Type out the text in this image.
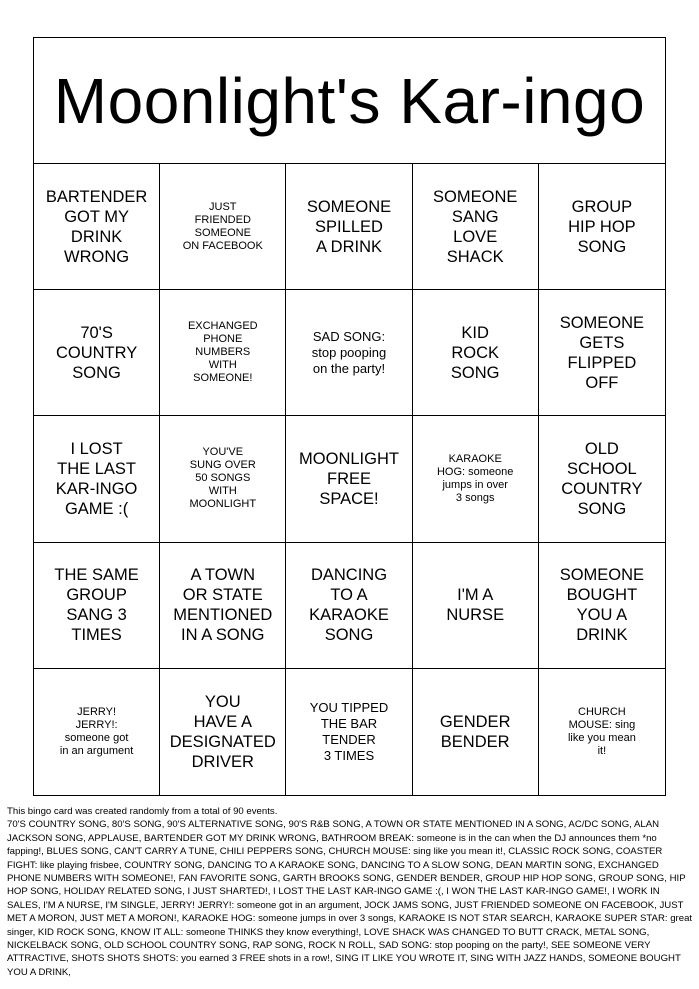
Moonlight's Kar-ingo
BARTENDER
GOT MY
DRINK
WRONG
JUST
FRIENDED
SOMEONE
ON FACEBOOK
SOMEONE
SPILLED
A DRINK
SOMEONE
SANG
LOVE
SHACK
GROUP
HIP HOP
SONG
70'S
COUNTRY
SONG
EXCHANGED
PHONE
NUMBERS
WITH
SOMEONE!
SAD SONG:
stop pooping
on the party!
KID
ROCK
SONG
SOMEONE
GETS
FLIPPED
OFF
I LOST
THE LAST
KAR-INGO
GAME :(
YOU'VE
SUNG OVER
50 SONGS
WITH
MOONLIGHT
MOONLIGHT
FREE
SPACE!
KARAOKE
HOG: someone
jumps in over
3 songs
OLD
SCHOOL
COUNTRY
SONG
THE SAME
GROUP
SANG 3
TIMES
A TOWN
OR STATE
MENTIONED
IN A SONG
DANCING
TO A
KARAOKE
SONG
I'M A
NURSE
SOMEONE
BOUGHT
YOU A
DRINK
JERRY!
JERRY!:
someone got
in an argument
YOU
HAVE A
DESIGNATED
DRIVER
YOU TIPPED
THE BAR
TENDER
3 TIMES
GENDER
BENDER
CHURCH
MOUSE: sing
like you mean
it!

This bingo card was created randomly from a total of 90 events.

70'S COUNTRY SONG, 80'S SONG, 90'S ALTERNATIVE SONG, 90'S R&B SONG, A TOWN OR STATE MENTIONED IN A SONG, AC/DC SONG, ALAN JACKSON SONG, APPLAUSE, BARTENDER GOT MY DRINK WRONG, BATHROOM BREAK: someone is in the can when the DJ announces them *no fapping!, BLUES SONG, CAN'T CARRY A TUNE, CHILI PEPPERS SONG, CHURCH MOUSE: sing like you mean it!, CLASSIC ROCK SONG, COASTER FIGHT: like playing frisbee, COUNTRY SONG, DANCING TO A KARAOKE SONG, DANCING TO A SLOW SONG, DEAN MARTIN SONG, EXCHANGED PHONE NUMBERS WITH SOMEONE!, FAN FAVORITE SONG, GARTH BROOKS SONG, GENDER BENDER, GROUP HIP HOP SONG, GROUP SONG, HIP HOP SONG, HOLIDAY RELATED SONG, I JUST SHARTED!, I LOST THE LAST KAR-INGO GAME :(, I WON THE LAST KAR-INGO GAME!, I WORK IN SALES, I'M A NURSE, I'M SINGLE, JERRY! JERRY!: someone got in an argument, JOCK JAMS SONG, JUST FRIENDED SOMEONE ON FACEBOOK, JUST MET A MORON, JUST MET A MORON!, KARAOKE HOG: someone jumps in over 3 songs, KARAOKE IS NOT STAR SEARCH, KARAOKE SUPER STAR: great singer, KID ROCK SONG, KNOW IT ALL: someone THINKS they know everything!, LOVE SHACK WAS CHANGED TO BUTT CRACK, METAL SONG, NICKELBACK SONG, OLD SCHOOL COUNTRY SONG, RAP SONG, ROCK N ROLL, SAD SONG: stop pooping on the party!, SEE SOMEONE VERY ATTRACTIVE, SHOTS SHOTS SHOTS: you earned 3 FREE shots in a row!, SING IT LIKE YOU WROTE IT, SING WITH JAZZ HANDS, SOMEONE BOUGHT YOU A DRINK,
